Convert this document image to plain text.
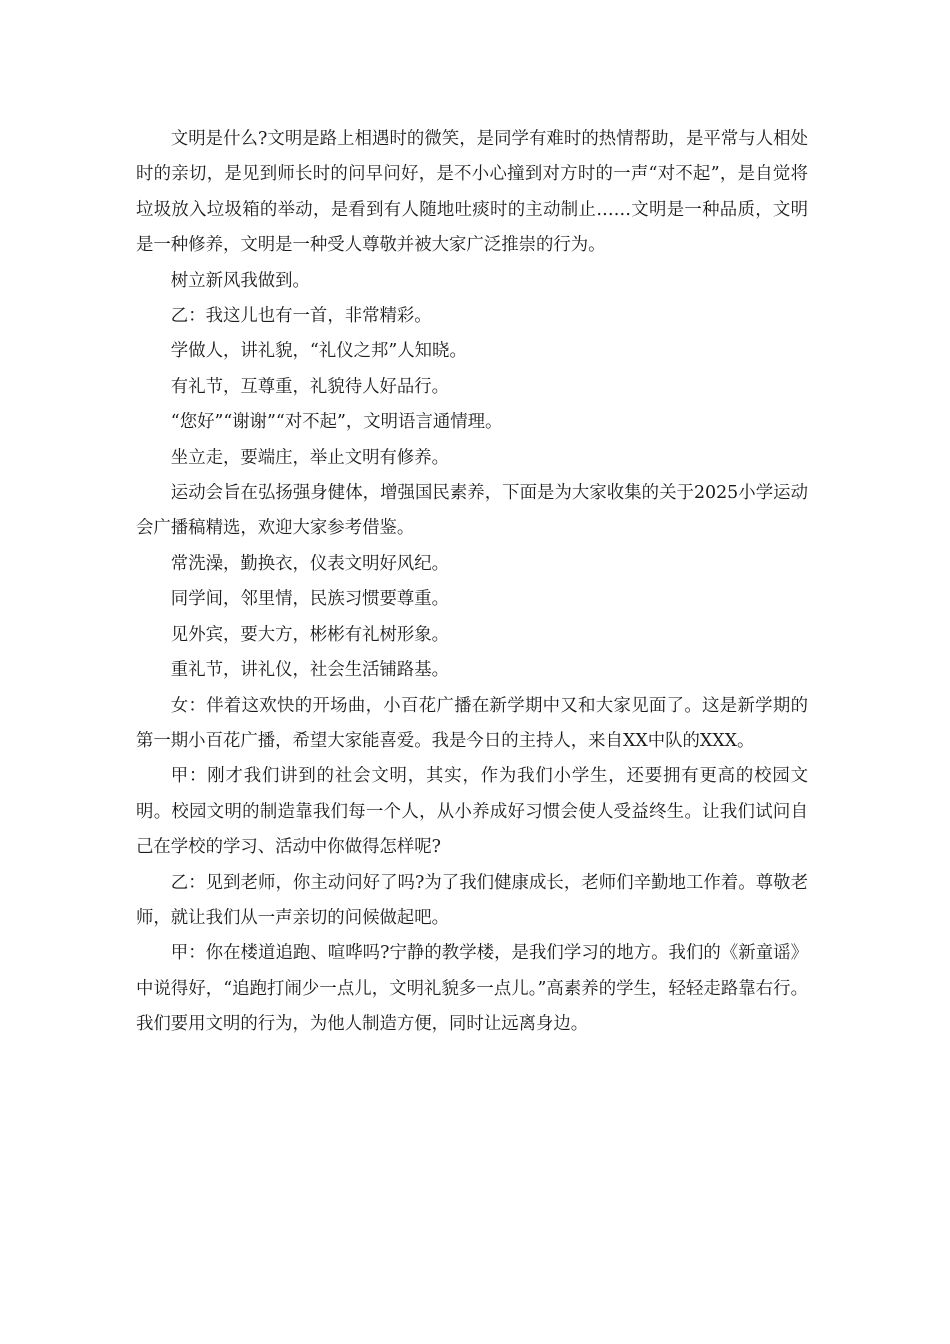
文明是什么?文明是路上相遇时的微笑，是同学有难时的热情帮助，是平常与人相处时的亲切，是见到师长时的问早问好，是不小心撞到对方时的一声“对不起”，是自觉将垃圾放入垃圾箱的举动，是看到有人随地吐痰时的主动制止……文明是一种品质，文明是一种修养，文明是一种受人尊敬并被大家广泛推崇的行为。

树立新风我做到。

乙：我这儿也有一首，非常精彩。

学做人，讲礼貌，“礼仪之邦”人知晓。

有礼节，互尊重，礼貌待人好品行。

“您好”“谢谢”“对不起”，文明语言通情理。

坐立走，要端庄，举止文明有修养。

运动会旨在弘扬强身健体，增强国民素养，下面是为大家收集的关于2025小学运动会广播稿精选，欢迎大家参考借鉴。

常洗澡，勤换衣，仪表文明好风纪。

同学间，邻里情，民族习惯要尊重。

见外宾，要大方，彬彬有礼树形象。

重礼节，讲礼仪，社会生活铺路基。

女：伴着这欢快的开场曲，小百花广播在新学期中又和大家见面了。这是新学期的第一期小百花广播，希望大家能喜爱。我是今日的主持人，来自XX中队的XXX。

甲：刚才我们讲到的社会文明，其实，作为我们小学生，还要拥有更高的校园文明。校园文明的制造靠我们每一个人，从小养成好习惯会使人受益终生。让我们试问自己在学校的学习、活动中你做得怎样呢?

乙：见到老师，你主动问好了吗?为了我们健康成长，老师们辛勤地工作着。尊敬老师，就让我们从一声亲切的问候做起吧。

甲：你在楼道追跑、喧哗吗?宁静的教学楼，是我们学习的地方。我们的《新童谣》中说得好，“追跑打闹少一点儿，文明礼貌多一点儿。”高素养的学生，轻轻走路靠右行。我们要用文明的行为，为他人制造方便，同时让远离身边。
